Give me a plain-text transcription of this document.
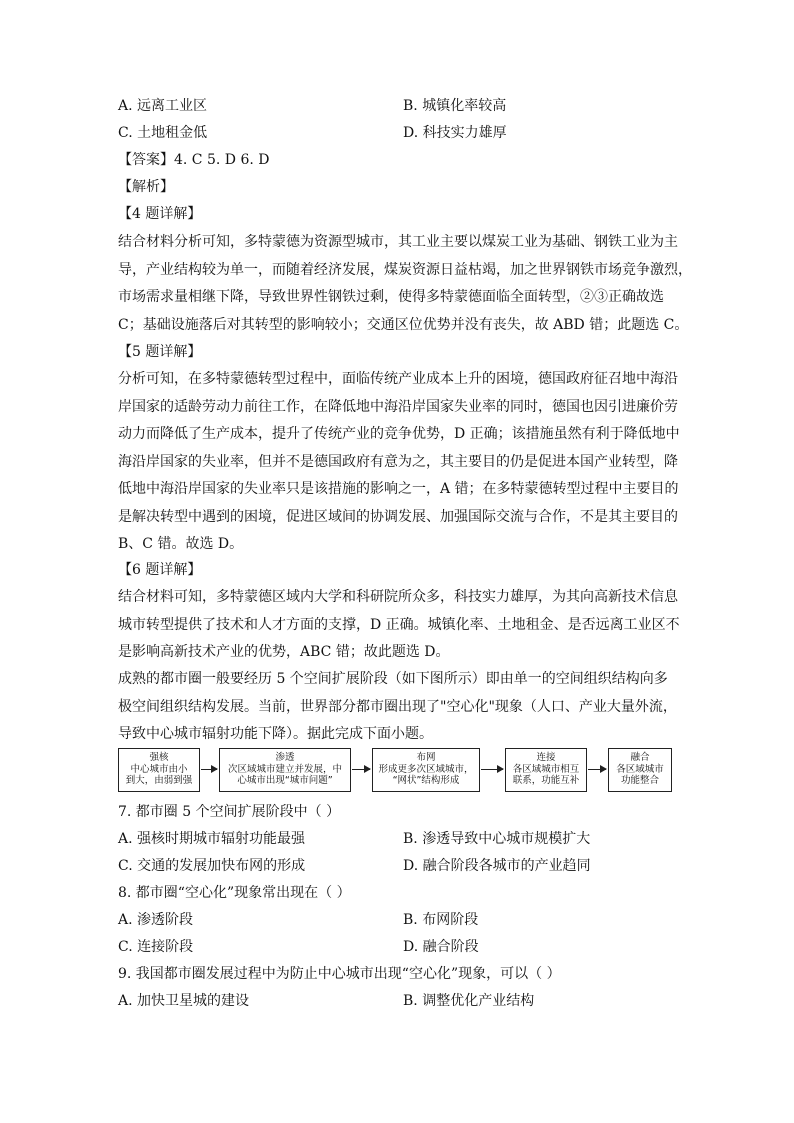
A. 远离工业区	B. 城镇化率较高
C. 土地租金低	D. 科技实力雄厚
【答案】4. C 5. D 6. D
【解析】
【4 题详解】
结合材料分析可知，多特蒙德为资源型城市，其工业主要以煤炭工业为基础、钢铁工业为主
导，产业结构较为单一，而随着经济发展，煤炭资源日益枯竭，加之世界钢铁市场竞争激烈，
市场需求量相继下降，导致世界性钢铁过剩，使得多特蒙德面临全面转型，②③正确故选
C；基础设施落后对其转型的影响较小；交通区位优势并没有丧失，故 ABD 错；此题选 C。
【5 题详解】
分析可知，在多特蒙德转型过程中，面临传统产业成本上升的困境，德国政府征召地中海沿
岸国家的适龄劳动力前往工作，在降低地中海沿岸国家失业率的同时，德国也因引进廉价劳
动力而降低了生产成本，提升了传统产业的竞争优势，D 正确；该措施虽然有利于降低地中
海沿岸国家的失业率，但并不是德国政府有意为之，其主要目的仍是促进本国产业转型，降
低地中海沿岸国家的失业率只是该措施的影响之一，A 错；在多特蒙德转型过程中主要目的
是解决转型中遇到的困境，促进区域间的协调发展、加强国际交流与合作，不是其主要目的
B、C 错。故选 D。
【6 题详解】
结合材料可知，多特蒙德区域内大学和科研院所众多，科技实力雄厚，为其向高新技术信息
城市转型提供了技术和人才方面的支撑，D 正确。城镇化率、土地租金、是否远离工业区不
是影响高新技术产业的优势，ABC 错；故此题选 D。
成熟的都市圈一般要经历 5 个空间扩展阶段（如下图所示）即由单一的空间组织结构向多
极空间组织结构发展。当前，世界部分都市圈出现了"空心化"现象（人口、产业大量外流，
导致中心城市辐射功能下降）。据此完成下面小题。
强核
中心城市由小
到大，由弱到强
渗透
次区域城市建立并发展，中
心城市出现“城市问题”
布网
形成更多次区域城市，
“网状”结构形成
连接
各区域城市相互
联系，功能互补
融合
各区域城市
功能整合
7. 都市圈 5 个空间扩展阶段中（ ）
A. 强核时期城市辐射功能最强	B. 渗透导致中心城市规模扩大
C. 交通的发展加快布网的形成	D. 融合阶段各城市的产业趋同
8. 都市圈“空心化”现象常出现在（ ）
A. 渗透阶段	B. 布网阶段
C. 连接阶段	D. 融合阶段
9. 我国都市圈发展过程中为防止中心城市出现“空心化”现象，可以（ ）
A. 加快卫星城的建设	B. 调整优化产业结构
